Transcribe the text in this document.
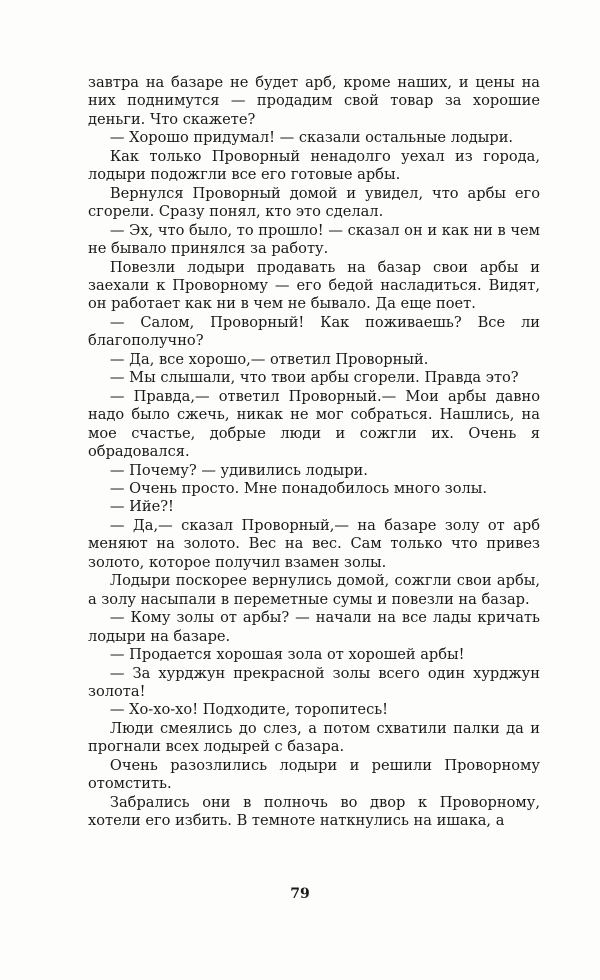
завтра на базаре не будет арб, кроме наших, и цены на них поднимутся — продадим свой товар за хорошие деньги. Что скажете?

— Хорошо придумал! — сказали остальные лодыри.

Как только Проворный ненадолго уехал из города, лодыри подожгли все его готовые арбы.

Вернулся Проворный домой и увидел, что арбы его сгорели. Сразу понял, кто это сделал.

— Эх, что было, то прошло! — сказал он и как ни в чем не бывало принялся за работу.

Повезли лодыри продавать на базар свои арбы и заехали к Проворному — его бедой насладиться. Видят, он работает как ни в чем не бывало. Да еще поет.

— Салом, Проворный! Как поживаешь? Все ли благополучно?

— Да, все хорошо,— ответил Проворный.

— Мы слышали, что твои арбы сгорели. Правда это?

— Правда,— ответил Проворный.— Мои арбы давно надо было сжечь, никак не мог собраться. Нашлись, на мое счастье, добрые люди и сожгли их. Очень я обрадовался.

— Почему? — удивились лодыри.

— Очень просто. Мне понадобилось много золы.

— Ийе?!

— Да,— сказал Проворный,— на базаре золу от арб меняют на золото. Вес на вес. Сам только что привез золото, которое получил взамен золы.

Лодыри поскорее вернулись домой, сожгли свои арбы, а золу насыпали в переметные сумы и повезли на базар.

— Кому золы от арбы? — начали на все лады кричать лодыри на базаре.

— Продается хорошая зола от хорошей арбы!

— За хурджун прекрасной золы всего один хурджун золота!

— Хо-хо-хо! Подходите, торопитесь!

Люди смеялись до слез, а потом схватили палки да и прогнали всех лодырей с базара.

Очень разозлились лодыри и решили Проворному отомстить.

Забрались они в полночь во двор к Проворному, хотели его избить. В темноте наткнулись на ишака, а

79
